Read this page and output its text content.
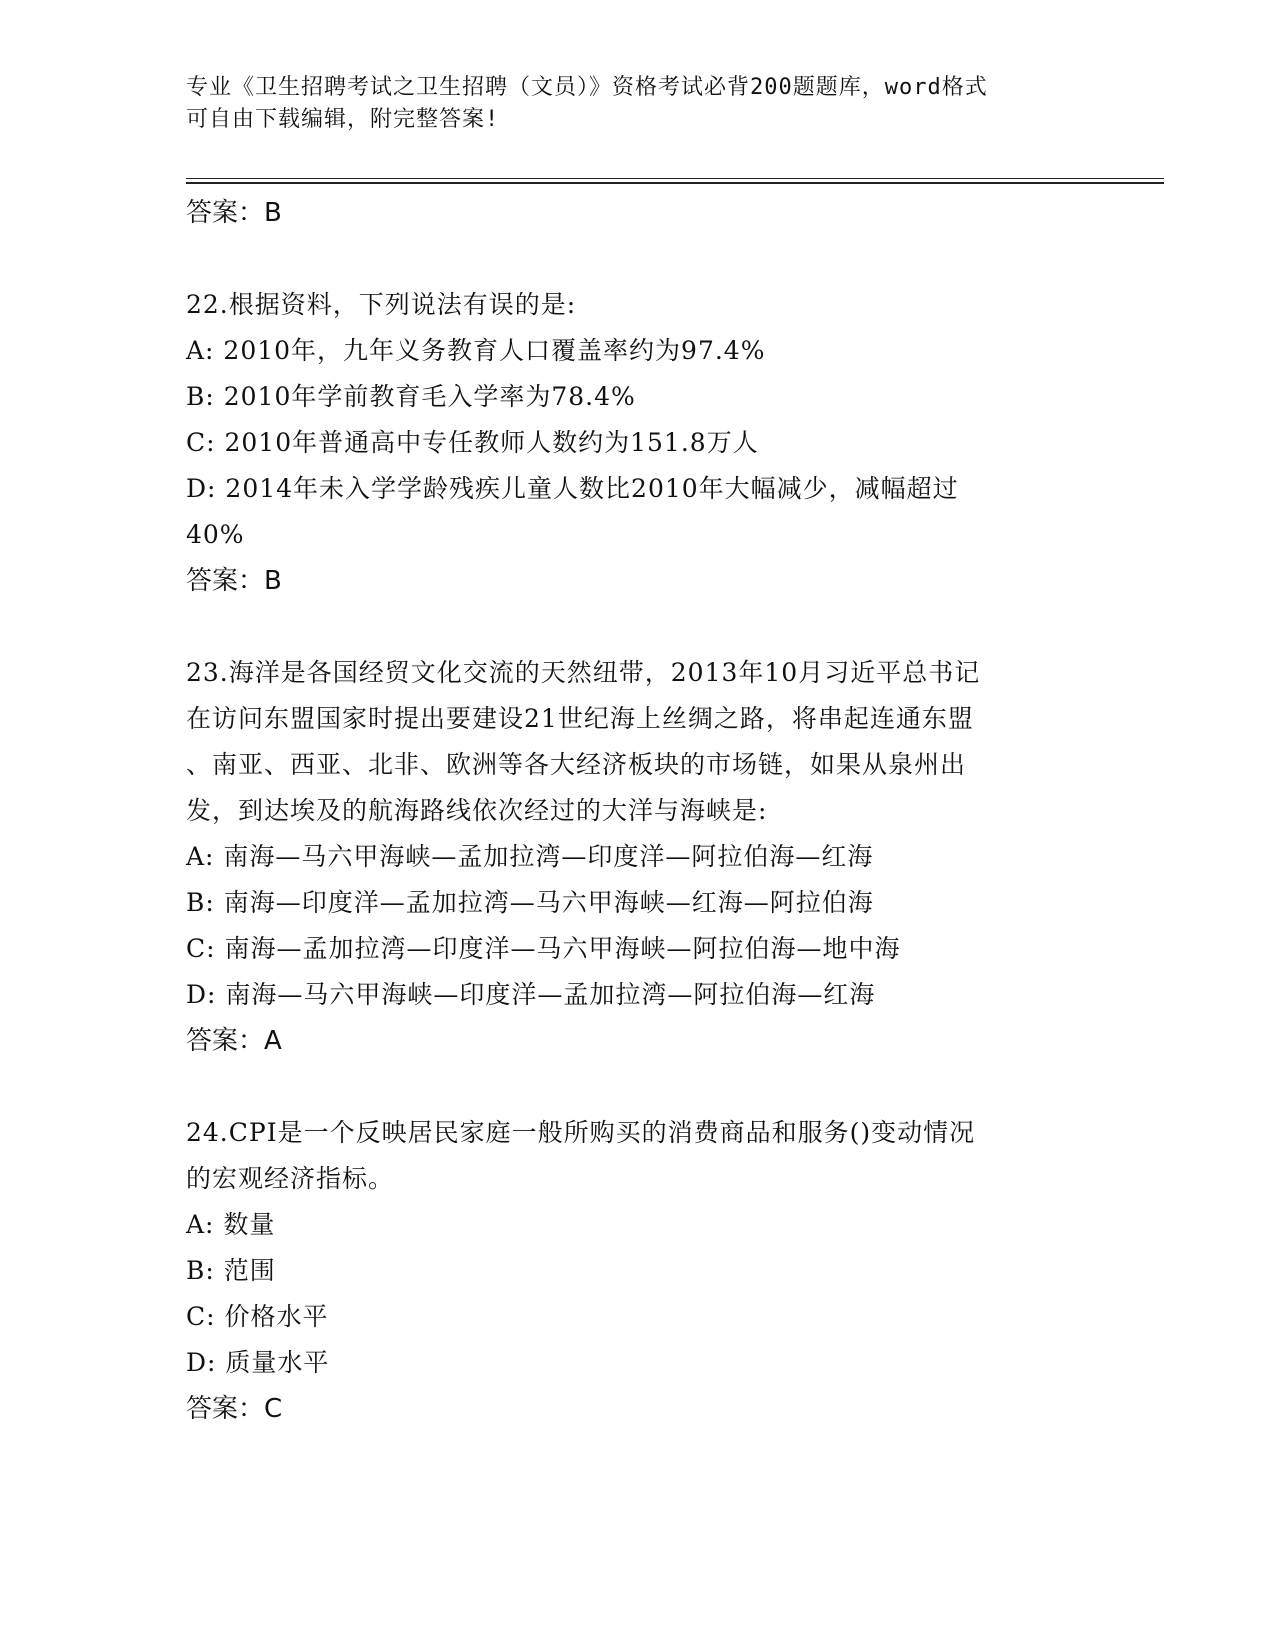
专业《卫生招聘考试之卫生招聘（文员）》资格考试必背200题题库，word格式
可自由下载编辑，附完整答案!
答案：B
22.根据资料，下列说法有误的是:
A: 2010年，九年义务教育人口覆盖率约为97.4%
B: 2010年学前教育毛入学率为78.4%
C: 2010年普通高中专任教师人数约为151.8万人
D: 2014年未入学学龄残疾儿童人数比2010年大幅减少，减幅超过
40%
答案：B
23.海洋是各国经贸文化交流的天然纽带，2013年10月习近平总书记
在访问东盟国家时提出要建设21世纪海上丝绸之路，将串起连通东盟
、南亚、西亚、北非、欧洲等各大经济板块的市场链，如果从泉州出
发，到达埃及的航海路线依次经过的大洋与海峡是:
A: 南海—马六甲海峡—孟加拉湾—印度洋—阿拉伯海—红海
B: 南海—印度洋—孟加拉湾—马六甲海峡—红海—阿拉伯海
C: 南海—孟加拉湾—印度洋—马六甲海峡—阿拉伯海—地中海
D: 南海—马六甲海峡—印度洋—孟加拉湾—阿拉伯海—红海
答案：A
24.CPI是一个反映居民家庭一般所购买的消费商品和服务()变动情况
的宏观经济指标。
A: 数量
B: 范围
C: 价格水平
D: 质量水平
答案：C
